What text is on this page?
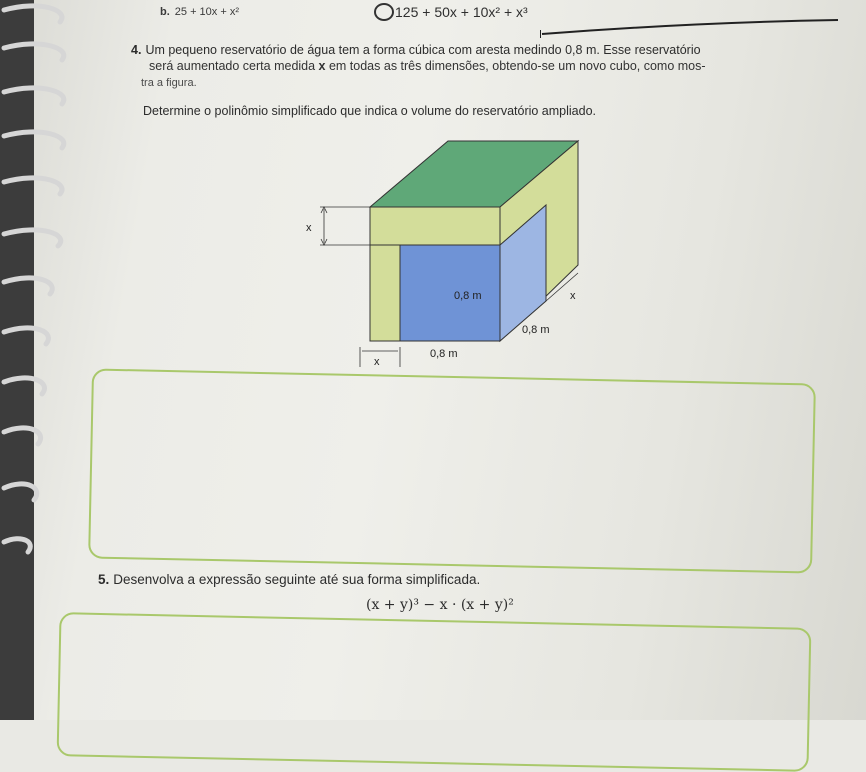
b. 25 + 10x + x²	125 + 50x + 10x² + x³
4. Um pequeno reservatório de água tem a forma cúbica com aresta medindo 0,8 m. Esse reservatório
será aumentado certa medida x em todas as três dimensões, obtendo-se um novo cubo, como mos-
tra a figura.
Determine o polinômio simplificado que indica o volume do reservatório ampliado.
x
x
x
0,8 m
0,8 m
0,8 m
5. Desenvolva a expressão seguinte até sua forma simplificada.
(x + y)³ − x · (x + y)²
